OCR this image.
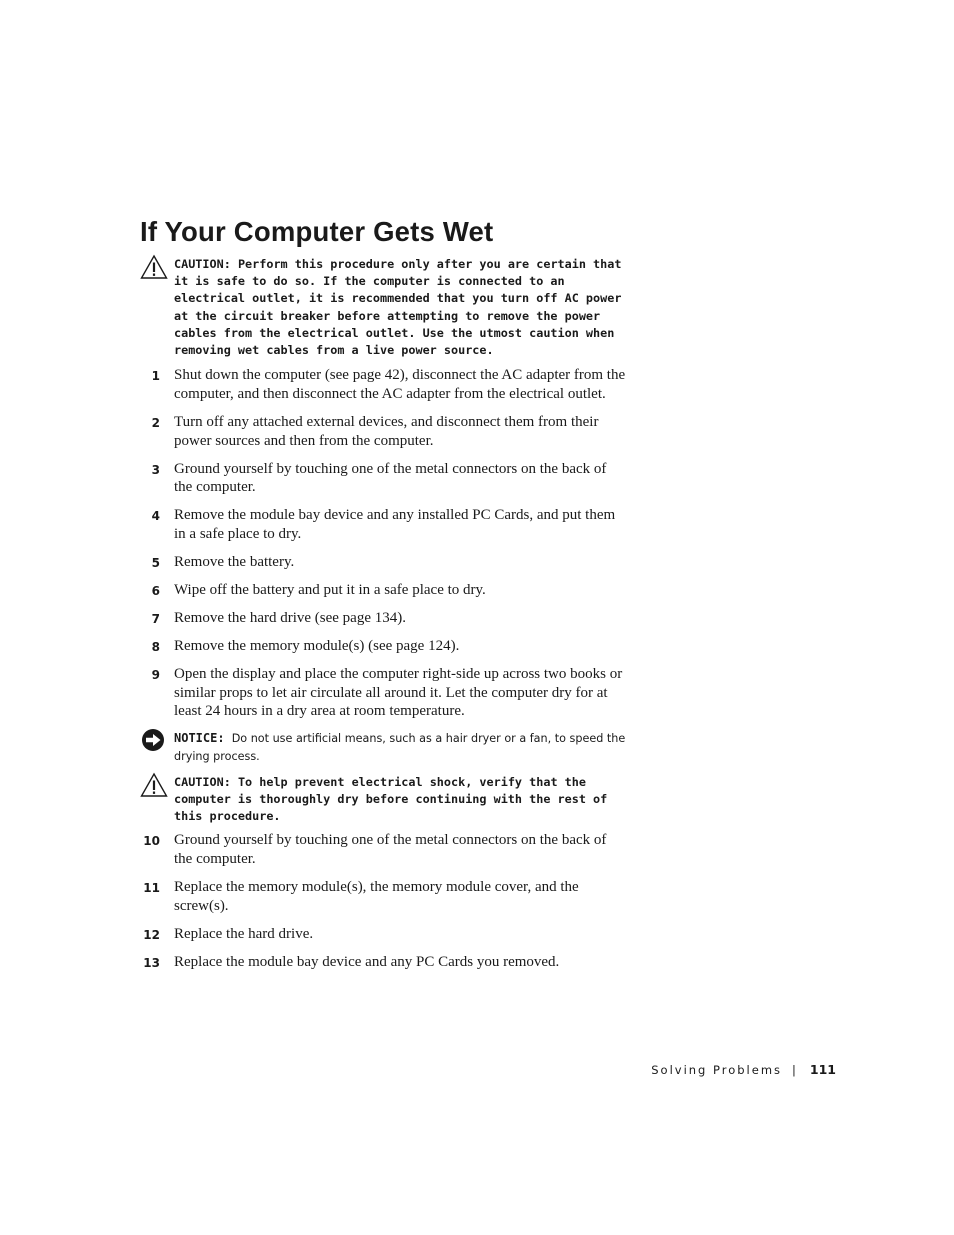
If Your Computer Gets Wet
CAUTION: Perform this procedure only after you are certain that it is safe to do so. If the computer is connected to an electrical outlet, it is recommended that you turn off AC power at the circuit breaker before attempting to remove the power cables from the electrical outlet. Use the utmost caution when removing wet cables from a live power source.
1 Shut down the computer (see page 42), disconnect the AC adapter from the computer, and then disconnect the AC adapter from the electrical outlet.
2 Turn off any attached external devices, and disconnect them from their power sources and then from the computer.
3 Ground yourself by touching one of the metal connectors on the back of the computer.
4 Remove the module bay device and any installed PC Cards, and put them in a safe place to dry.
5 Remove the battery.
6 Wipe off the battery and put it in a safe place to dry.
7 Remove the hard drive (see page 134).
8 Remove the memory module(s) (see page 124).
9 Open the display and place the computer right-side up across two books or similar props to let air circulate all around it. Let the computer dry for at least 24 hours in a dry area at room temperature.
NOTICE: Do not use artificial means, such as a hair dryer or a fan, to speed the drying process.
CAUTION: To help prevent electrical shock, verify that the computer is thoroughly dry before continuing with the rest of this procedure.
10 Ground yourself by touching one of the metal connectors on the back of the computer.
11 Replace the memory module(s), the memory module cover, and the screw(s).
12 Replace the hard drive.
13 Replace the module bay device and any PC Cards you removed.
Solving Problems | 111
